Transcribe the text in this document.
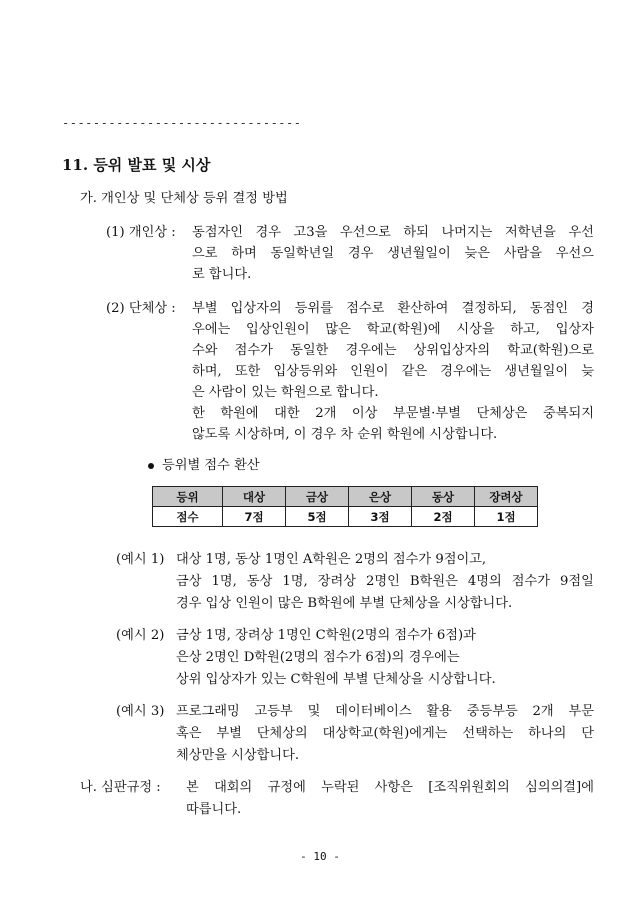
-------------------------------
11. 등위 발표 및 시상
가. 개인상 및 단체상 등위 결정 방법
(1) 개인상 : 동점자인 경우 고3을 우선으로 하되 나머지는 저학년을 우선
으로 하며 동일학년일 경우 생년월일이 늦은 사람을 우선으
로 합니다.
(2) 단체상 : 부별 입상자의 등위를 점수로 환산하여 결정하되, 동점인 경
우에는 입상인원이 많은 학교(학원)에 시상을 하고, 입상자
수와 점수가 동일한 경우에는 상위입상자의 학교(학원)으로
하며, 또한 입상등위와 인원이 같은 경우에는 생년월일이 늦
은 사람이 있는 학원으로 합니다.
한 학원에 대한 2개 이상 부문별·부별 단체상은 중복되지
않도록 시상하며, 이 경우 차 순위 학원에 시상합니다.
등위별 점수 환산
등위	대상	금상	은상	동상	장려상
점수	7점	5점	3점	2점	1점
(예시 1) 대상 1명, 동상 1명인 A학원은 2명의 점수가 9점이고,
금상 1명, 동상 1명, 장려상 2명인 B학원은 4명의 점수가 9점일
경우 입상 인원이 많은 B학원에 부별 단체상을 시상합니다.
(예시 2) 금상 1명, 장려상 1명인 C학원(2명의 점수가 6점)과
은상 2명인 D학원(2명의 점수가 6점)의 경우에는
상위 입상자가 있는 C학원에 부별 단체상을 시상합니다.
(예시 3) 프로그래밍 고등부 및 데이터베이스 활용 중등부등 2개 부문
혹은 부별 단체상의 대상학교(학원)에게는 선택하는 하나의 단
체상만을 시상합니다.
나. 심판규정 : 본 대회의 규정에 누락된 사항은 [조직위원회의 심의의결]에
따릅니다.
- 10 -
